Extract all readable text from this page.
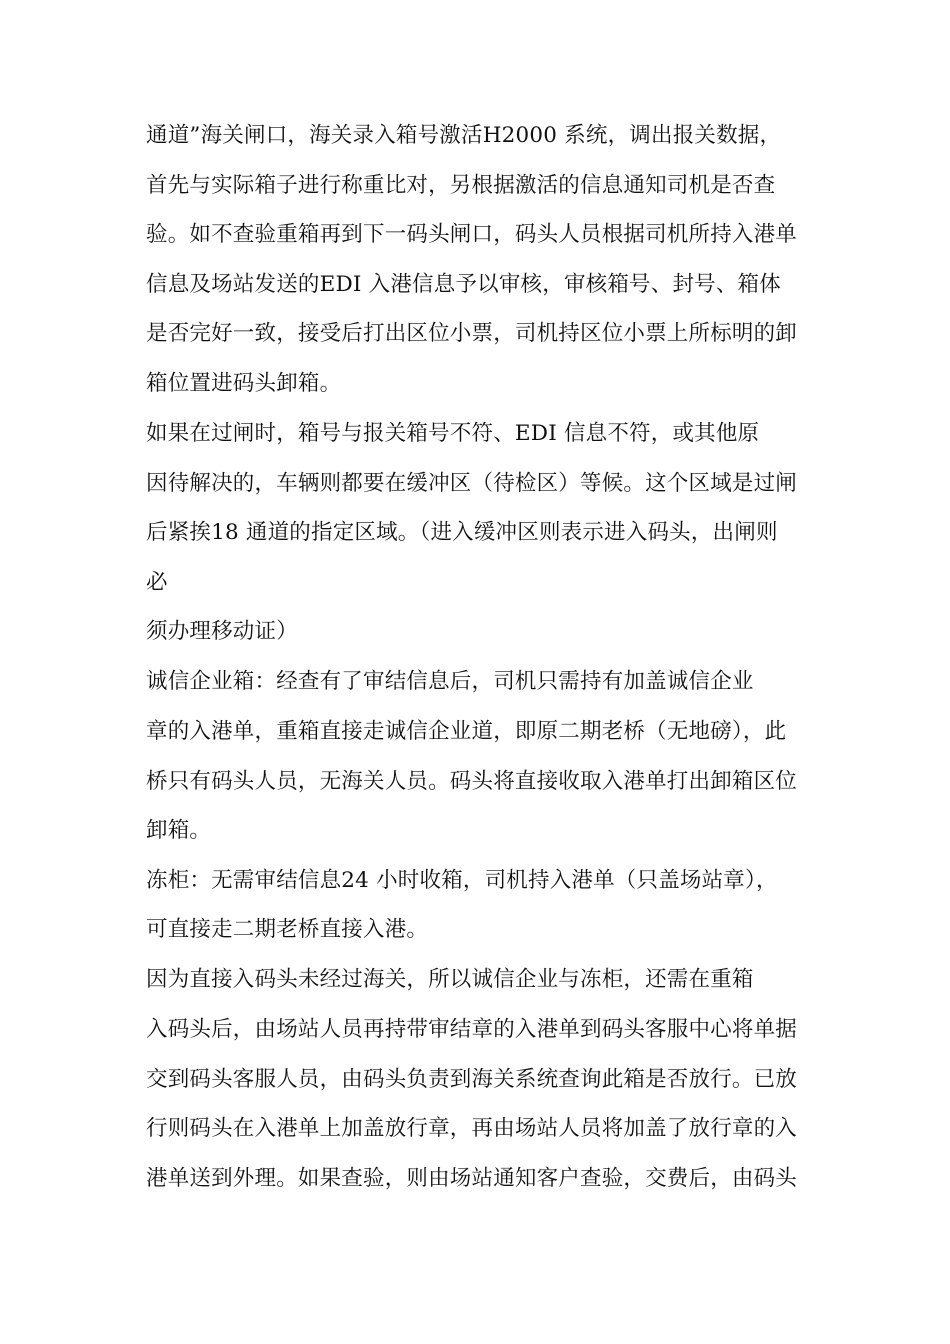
通道”海关闸口，海关录入箱号激活H2000 系统，调出报关数据，
首先与实际箱子进行称重比对，另根据激活的信息通知司机是否查
验。如不查验重箱再到下一码头闸口，码头人员根据司机所持入港单
信息及场站发送的EDI 入港信息予以审核，审核箱号、封号、箱体
是否完好一致，接受后打出区位小票，司机持区位小票上所标明的卸
箱位置进码头卸箱。
如果在过闸时，箱号与报关箱号不符、EDI 信息不符，或其他原
因待解决的，车辆则都要在缓冲区（待检区）等候。这个区域是过闸
后紧挨18 通道的指定区域。（进入缓冲区则表示进入码头，出闸则
必
须办理移动证）
诚信企业箱：经查有了审结信息后，司机只需持有加盖诚信企业
章的入港单，重箱直接走诚信企业道，即原二期老桥（无地磅），此
桥只有码头人员，无海关人员。码头将直接收取入港单打出卸箱区位
卸箱。
冻柜：无需审结信息24 小时收箱，司机持入港单（只盖场站章），
可直接走二期老桥直接入港。
因为直接入码头未经过海关，所以诚信企业与冻柜，还需在重箱
入码头后，由场站人员再持带审结章的入港单到码头客服中心将单据
交到码头客服人员，由码头负责到海关系统查询此箱是否放行。已放
行则码头在入港单上加盖放行章，再由场站人员将加盖了放行章的入
港单送到外理。如果查验，则由场站通知客户查验，交费后，由码头
